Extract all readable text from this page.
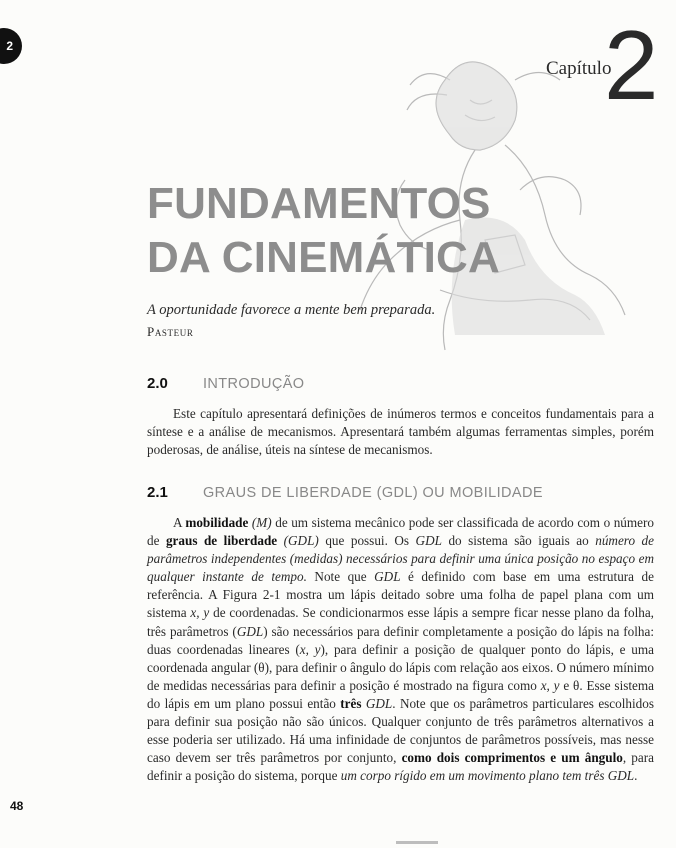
2
Capítulo
2
FUNDAMENTOS
DA CINEMÁTICA
A oportunidade favorece a mente bem preparada.
Pasteur
2.0	INTRODUÇÃO

Este capítulo apresentará definições de inúmeros termos e conceitos fundamentais para a síntese e a análise de mecanismos. Apresentará também algumas ferramentas simples, porém poderosas, de análise, úteis na síntese de mecanismos.

2.1	GRAUS DE LIBERDADE (GDL) OU MOBILIDADE

A mobilidade (M) de um sistema mecânico pode ser classificada de acordo com o número de graus de liberdade (GDL) que possui. Os GDL do sistema são iguais ao número de parâmetros independentes (medidas) necessários para definir uma única posição no espaço em qualquer instante de tempo. Note que GDL é definido com base em uma estrutura de referência. A Figura 2-1 mostra um lápis deitado sobre uma folha de papel plana com um sistema x, y de coordenadas. Se condicionarmos esse lápis a sempre ficar nesse plano da folha, três parâmetros (GDL) são necessários para definir completamente a posição do lápis na folha: duas coordenadas lineares (x, y), para definir a posição de qualquer ponto do lápis, e uma coordenada angular (θ), para definir o ângulo do lápis com relação aos eixos. O número mínimo de medidas necessárias para definir a posição é mostrado na figura como x, y e θ. Esse sistema do lápis em um plano possui então três GDL. Note que os parâmetros particulares escolhidos para definir sua posição não são únicos. Qualquer conjunto de três parâmetros alternativos a esse poderia ser utilizado. Há uma infinidade de conjuntos de parâmetros possíveis, mas nesse caso devem ser três parâmetros por conjunto, como dois comprimentos e um ângulo, para definir a posição do sistema, porque um corpo rígido em um movimento plano tem três GDL.

48
